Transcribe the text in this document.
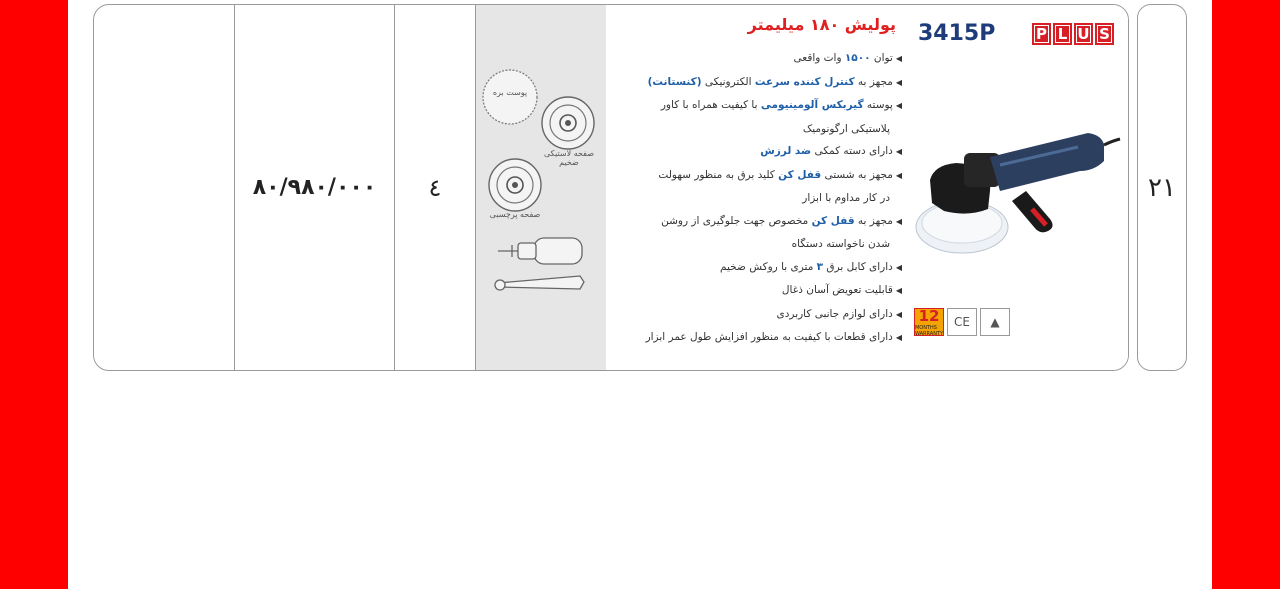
۸۰/۹۸۰/۰۰۰ ٤
پوست بره
صفحه لاستیکی ضخیم
صفحه پرچسبی
پولیش ۱۸۰ میلیمتر
◀توان ۱۵۰۰ وات واقعی
◀مجهز به کنترل کننده سرعت الکترونیکی (کنستانت)
◀پوسته گیربکس آلومینیومی با کیفیت همراه با کاور
پلاستیکی ارگونومیک
◀دارای دسته کمکی ضد لرزش
◀مجهز به شستی قفل کن کلید برق به منظور سهولت
در کار مداوم با ابزار
◀مجهز به قفل کن مخصوص جهت جلوگیری از روشن
شدن ناخواسته دستگاه
◀دارای کابل برق ۳ متری با روکش ضخیم
◀قابلیت تعویض آسان ذغال
◀دارای لوازم جانبی کاربردی
◀دارای قطعات با کیفیت به منظور افزایش طول عمر ابزار
3415P	P L U S
12
MONTHS WARRANTY
CE	▲
۲۱
